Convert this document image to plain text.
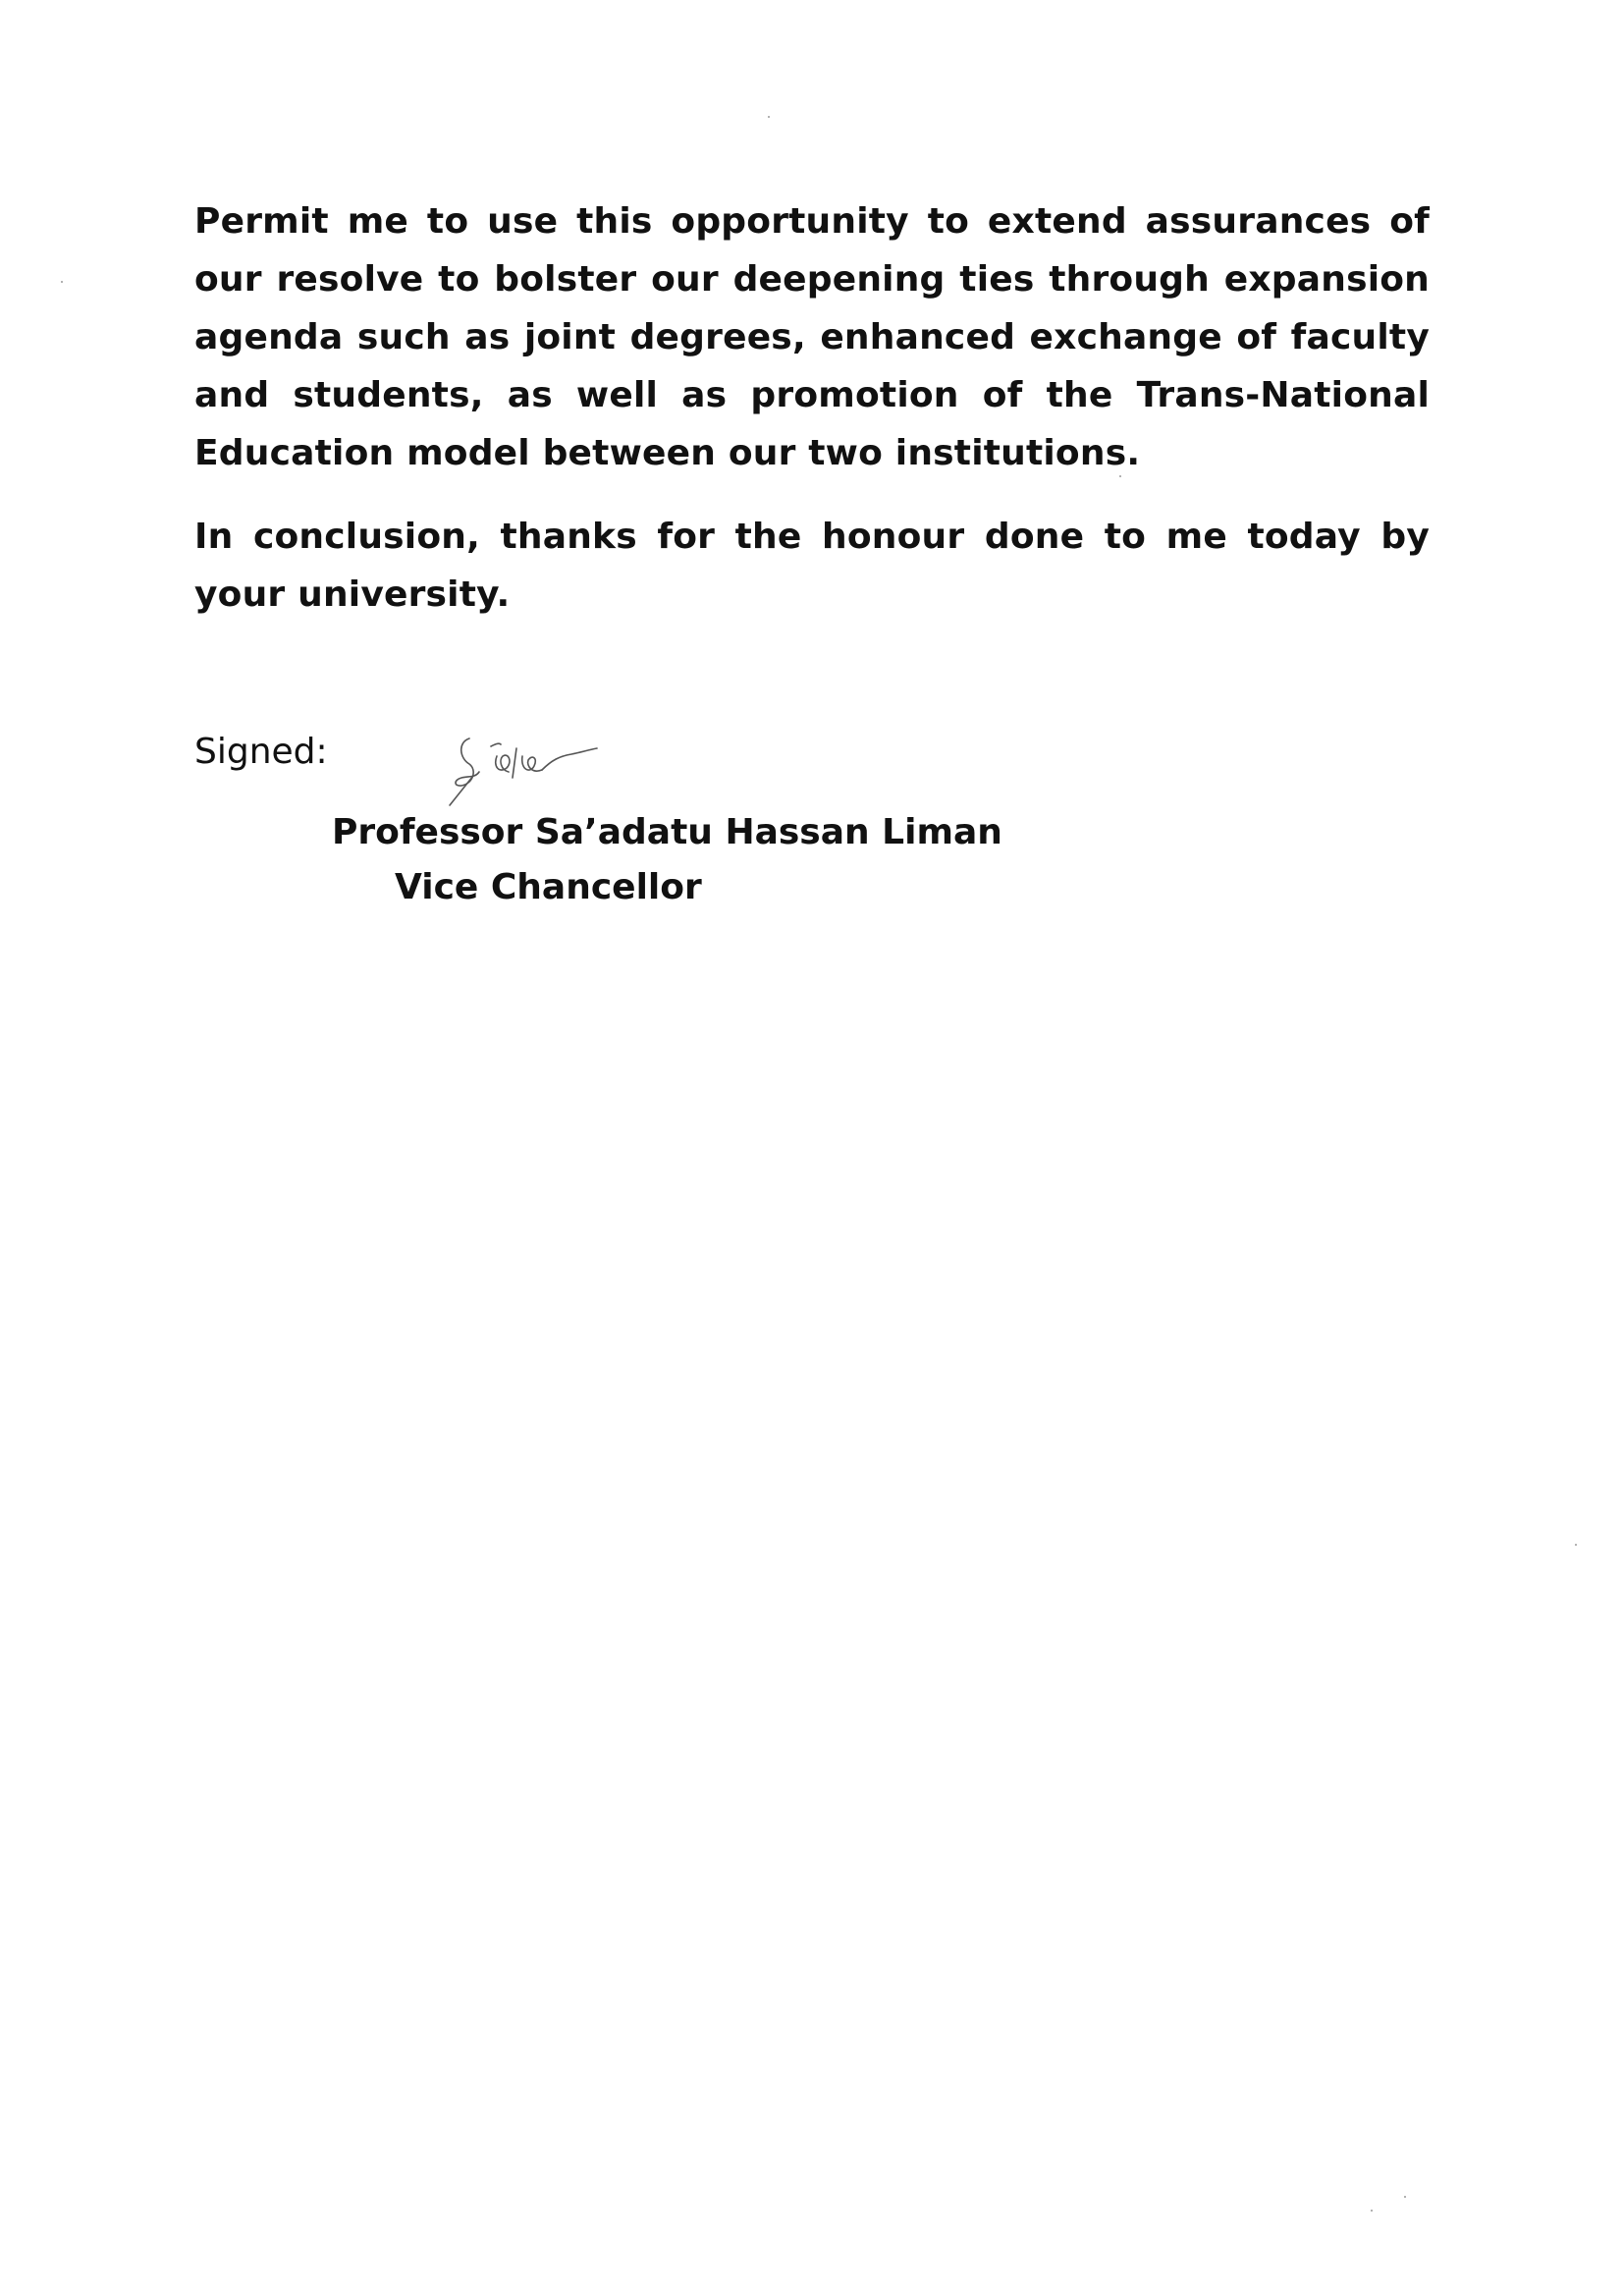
Permit me to use this opportunity to extend assurances of our resolve to bolster our deepening ties through expansion agenda such as joint degrees, enhanced exchange of faculty and students, as well as promotion of the Trans-National Education model between our two institutions.

In conclusion, thanks for the honour done to me today by your university.

Signed:
Professor Sa’adatu Hassan Liman
Vice Chancellor
